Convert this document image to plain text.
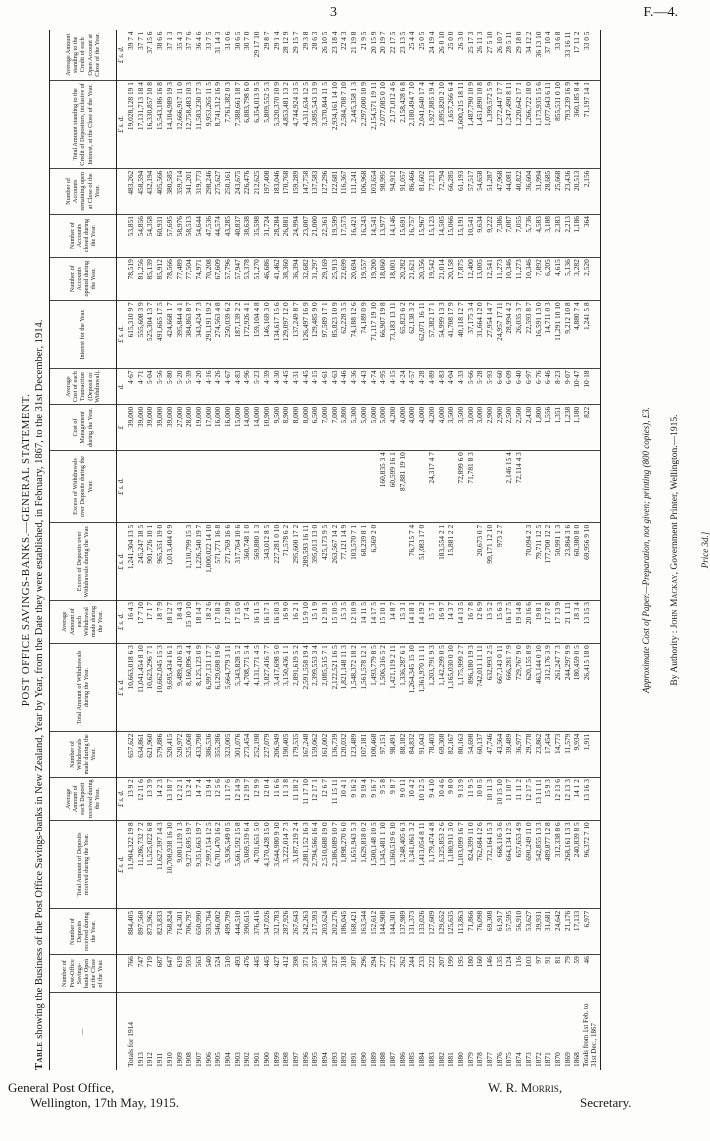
3	F.—4.
POST OFFICE SAVINGS-BANKS.—GENERAL STATEMENT.
Table showing the Business of the Post Office Savings-banks in New Zealand, Year by Year, from the Date they were established, in February, 1867, to the 31st December, 1914.	—	Number of Post-Office Savings-banks Open at the Close of the Year.	Number of Deposits received during the Year.	Total Amount of Deposits received during the Year.	Average Amount of each Deposit received during the Year.	Number of Withdrawals made during the Year.	Total Amount of Withdrawals during the Year.	Average Amount of each Withdrawal made during the Year.	Excess of Deposits over Withdrawals during the Year.	Excess of Withdrawals over Deposits during the Year.	Cost of Management during the Year.	Average Cost of each Transaction (Deposit or Withdrawal).	Interest for the Year.	Number of Accounts opened during the Year.	Number of Accounts closed during the Year.	Number of Accounts remaining open at Close of the Year.	Total Amount standing to the Credit of Depositors, inclusive of Interest, at the Close of the Year.	Average Amount standing to the Credit of each Open Account at Close of the Year.
			£ s. d.	£ s. d.		£ s. d.	£ s. d.	£ s. d.	£ s. d.	£	d.	£ s. d.				£ s. d.	£ s. d.
Totals for 1914	766	884,405	11,904,322 19 8	13 9 2	657,622	10,663,018 6 3	16 4 3	1,241,304 13 5		39,000	4·67	615,310 9 7	78,519	53,851	483,262	19,028,128 19 1	39 7 4
1913	747	897,568	11,286,732 7 2	12 11 6	634,861	11,041,454 8 10	17 7 10	245,247 18 5		39,000	4·71	555,608 3 9	81,256	54,856	458,594	17,131,713 18 4	37 7 1
1912	719	873,962	11,525,022 6 8	13 3 9	621,960	10,623,296 7 1	17 1 7	901,726 10 1		39,000	5·04	525,304 13 7	85,139	54,358	432,194	16,330,857 10 8	37 15 6
1911	687	823,833	11,627,397 14 3	14 2 3	579,886	10,662,045 15 3	18 7 9	965,351 19 0		39,000	5·56	491,665 17 5	85,912	60,931	405,566	15,543,186 16 8	38 6 6
1910	647	768,824	10,708,938 16 10	13 18 7	520,415	9,695,434 16 1	18 12 7	1,013,404 0 9		39,000	5·80	424,668 1 7	78,566	57,695	380,585	14,104,989 19 3	37 1 3
1909	619	714,301	9,001,119 1 3	12 12 1	520,972	9,489,410 6 3	18 4 3			27,000	5·20	395,844 4 1	77,489	58,976	359,714	12,666,917 11 0	35 4 3
1908	593	706,797	9,271,695 19 7	13 2 4	525,068	8,160,896 4 4	15 10 10	1,110,799 15 3		28,000	5·39	384,863 8 7	77,504	58,513	341,201	12,758,483 10 3	37 7 6
1907	563	650,990	9,351,663 19 7	14 7 4	433,798	8,125,123 0 9	18 14 7	1,226,540 19 7		19,000	4·20	343,424 7 3	74,971	54,644	319,773	11,583,230 17 3	36 4 6
1906	540	593,764	7,997,154 12 5	13 9 4	386,536	6,997,131 17 7	18 2 6	1,000,022 14 10		17,000	4·16	291,191 19 2	70,208	47,536	298,246	9,953,265 11 5	33 7 5
1905	524	546,002	6,701,470 16 2	12 5 6	355,286	6,129,698 19 6	17 18 2	571,771 16 8		16,000	4·26	274,563 4 8	67,609	44,574	275,627	8,741,312 16 9	31 14 3
1904	510	499,799	5,936,549 0 5	11 17 6	323,005	5,664,779 3 11	17 10 9	271,769 16 6		16,000	4·67	250,039 6 2	57,796	43,285	250,161	7,761,382 0 3	31 0 6
1903	493	444,510	5,661,592 15 8	12 14 9	301,076	5,343,828 5 2	17 15 0	317,764 10 6		15,000	4·83	187,139 2 2	57,947	40,837	243,675	7,388,661 18 7	30 6 5
1902	476	390,615	5,069,519 6 4	12 19 7	273,454	4,708,771 5 4	17 4 5	360,748 1 0		14,000	4·96	172,926 4 1	53,378	38,638	226,476	6,883,798 6 0	30 7 0
1901	445	376,416	4,701,651 5 0	12 9 9	252,198	4,131,771 4 5	16 11 5	569,880 1 3		14,000	5·23	159,104 4 8	51,270	35,598	212,625	6,354,013 9 5	29 17 10
1900	445	347,026	4,170,428 15 0	12 0 4	227,079	3,827,416 7 7	16 17 1	343,012 8 5		10,900	4·39	146,169 3 0	46,686	31,724	197,408	5,809,552 5 3	29 8 7
1899	427	321,783	3,644,980 9 10	11 6 6	206,949	3,417,698 5 0	16 10 3	227,281 0 10		9,500	4·30	134,617 15 6	41,462	28,284	183,046	5,320,370 10 9	29 1 4
1898	412	287,926	3,222,014 7 3	11 3 8	190,405	3,150,436 1 1	16 9 0	71,578 6 2		8,900	4·45	129,097 12 0	38,360	26,881	170,768	4,853,481 13 2	28 12 9
1897	398	267,643	3,187,219 2 4	11 18 2	179,535	2,891,619 5 2	16 2 1	295,600 17 2		8,000	4·31	137,249 8 7	36,394	24,994	159,289	4,744,924 13 5	29 15 7
1896	371	242,263	2,881,152 16 3	11 17 10	167,248	2,591,558 19 4	15 9 10	289,593 16 11		8,000	4·45	126,497 16 9	32,682	23,007	147,758	4,311,634 12 5	29 3 8
1895	357	217,393	2,794,566 16 4	12 17 1	159,062	2,399,553 3 4	15 1 9	395,013 13 0		6,500	4·15	129,485 9 0	31,297	21,000	137,583	3,895,543 13 9	28 6 3
1894	345	203,624	2,510,688 19 0	12 6 7	161,002	2,085,515 7 1	12 19 1	425,173 9 5		7,000	4·61	97,589 17 1	29,169	22,361	127,296	3,370,844 11 5	26 10 5
1893	327	202,276	2,386,089 10 7	11 15 11	136,739	2,122,521 16 5	15 10 5	263,567 14 2		7,000	4·63	85,823 10 9	25,913	19,599	122,681	2,934,161 14 10	23 18 4
1892	318	186,045	1,898,270 6 0	10 4 1	120,032	1,821,148 11 3	15 3 5	77,121 14 9		5,800	4·46	62,228 3 5	22,699	17,573	116,367	2,584,708 7 10	22 4 3
1891	307	168,421	1,651,943 5 3	9 16 2	123,489	1,548,372 18 2	12 10 9	103,570 7 1		5,300	4·36	74,188 12 6	20,694	16,421	111,241	2,445,358 1 3	21 19 8
1890	296	163,544	1,629,818 0 2	9 19 4	107,181	1,561,578 12 1	14 11 5	68,239 8 1		5,000	4·43	74,189 0 9	19,557	16,243	106,968	2,297,000 10 9	21 9 5
1889	294	152,612	1,500,148 10 5	9 16 7	100,468	1,493,779 8 5	14 17 5	6,369 2 0		5,000	4·74	71,117 19 10	19,200	14,541	103,654	2,154,571 19 11	20 15 9
1888	277	144,908	1,345,481 1 10	9 5 8	97,151	1,506,316 5 2	15 10 1		160,835 3 4	5,000	4·95	66,907 19 8	18,060	13,977	98,995	2,077,085 0 10	20 19 7
1887	272	144,301	1,360,519 6 10	9 8 7	98,491	1,421,119 2 11	14 8 7		60,599 16 1	4,200	4·15	73,183 13 11	18,001	14,146	94,912	2,171,012 4 6	22 17 5
1886	262	137,989	1,248,405 6 3	9 0 11	88,182	1,336,287 6 1	15 3 1		87,881 19 10	4,000	4·24	65,823 6 2	20,282	15,691	91,057	2,158,428 6 8	23 13 5
1885	244	131,373	1,341,061 3 2	10 4 2	84,832	1,264,345 15 10	14 18 1	76,715 7 4		4,000	4·57	62,138 3 2	21,621	16,757	86,466	2,180,494 7 10	25 4 4
1884	233	133,026	1,413,054 8 11	10 12 5	91,043	1,361,970 11 11	14 19 2	51,083 17 0		4,000	4·28	62,071 16 11	20,356	15,967	81,602	2,041,640 17 4	25 0 5
1883	222	127,609	1,179,474 4 8	9 4 10	78,403	1,203,791 9 3	15 7 1		24,317 4 7	4,200	4·89	57,382 17 1	19,542	15,123	77,213	1,927,885 19 4	24 19 4
1882	207	129,652	1,325,853 2 6	10 4 6	69,308	1,142,299 0 5	16 9 7	183,554 2 1		4,000	4·83	54,999 13 3	21,014	14,505	72,794	1,895,820 2 10	26 0 10
1881	199	125,635	1,180,911 3 0	9 8 0	82,167	1,165,030 0 10	14 3 7	15,881 2 2		3,500	4·04	41,708 17 9	20,158	15,066	66,285	1,657,266 6 4	25 0 0
1880	195	113,863	1,103,099 16 7	9 13 9	80,163	1,175,999 2 7	14 13 5		72,899 6 0	3,500	4·33	40,118 12 7	17,875	15,191	61,193	1,600,215 18 11	26 3 0
1879	180	71,866	824,399 11 0	11 9 5	54,698	896,180 19 3	16 7 8		71,781 8 3	3,000	5·66	37,175 3 4	12,400	10,541	57,517	1,487,790 10 9	25 17 3
1878	160	76,098	762,684 12 6	10 0 5	60,137	742,011 11 11	12 6 9	20,673 0 7		3,000	5·28	31,664 12 0	13,005	9,634	54,658	1,451,890 10 8	26 11 3
1877	146	69,308	732,164 15 3	10 11 3	47,746	632,993 2 5	13 5 2	99,171 12 10		2,900	5·93	27,954 14 7	12,541	9,222	51,287	1,399,572 5 9	27 5 10
1876	135	61,917	668,116 3 6	10 15 10	43,564	667,143 0 11	15 6 3	973 2 7		2,900	6·60	24,957 17 11	11,273	7,386	47,968	1,272,447 17 7	26 10 7
1875	124	57,595	664,134 12 5	11 10 7	39,489	666,281 7 9	16 17 5		2,146 15 4	2,500	6·09	28,994 4 2	10,346	7,087	44,081	1,247,490 8 11	28 5 11
1874	116	56,910	657,653 4 9	11 11 2	36,977	729,767 9 0	19 14 8		72,114 4 3	2,500	6·40	26,035 3 7	11,273	7,055	40,822	1,220,642 17 1	29 18 0
1873	103	53,627	690,249 11 0	12 17 5	29,778	620,155 8 9	20 16 6	70,094 2 3		2,430	6·97	22,593 8 7	10,346	5,736	36,604	1,266,722 18 0	34 12 2
1872	97	39,931	542,855 13 3	13 11 11	23,862	463,144 0 10	19 8 1	79,711 12 5		1,800	6·76	16,591 13 0	7,892	4,583	31,994	1,173,935 15 6	36 13 10
1871	91	31,681	489,877 12 8	15 9 3	17,454	312,176 3 9	17 17 8	177,700 12 2		1,556	6·46	14,711 0 3	6,205	3,188	28,685	1,077,643 6 11	37 10 4
1870	81	24,642	312,338 8 6	12 13 6	14,773	261,247 7 3	17 13 9	50,991 1 3		1,351	8·23	11,291 10 10	4,615	2,383	25,668	855,531 0 10	33 6 8
1869	79	21,176	268,161 13 3	12 13 3	11,579	244,297 9 9	21 1 11	23,864 3 6		1,238	9·07	9,212 10 8	5,136	2,213	23,436	793,239 16 9	33 16 11
1868	59	17,133	240,839 8 5	14 1 2	9,934	180,459 0 5	18 3 4	60,380 8 0		1,180	10·47	4,880 7 4	3,282	1,186	20,513	360,185 8 4	17 11 2
Totals from 1st Feb. to 31st Dec., 1867	46	6,977	96,372 7 10	13 16 3	1,911	26,415 18 0	13 15 3	69,956 9 10		822	10·18	1,241 5 8	2,520	364	2,156	71,197 14 1	33 0 5
Approximate Cost of Paper.—Preparation, not given; printing (800 copies), £3. By Authority : John Mackay, Government Printer, Wellington.—1915. Price 3d.]
General Post Office,
Wellington, 17th May, 1915.
W. R. Morris,
Secretary.
